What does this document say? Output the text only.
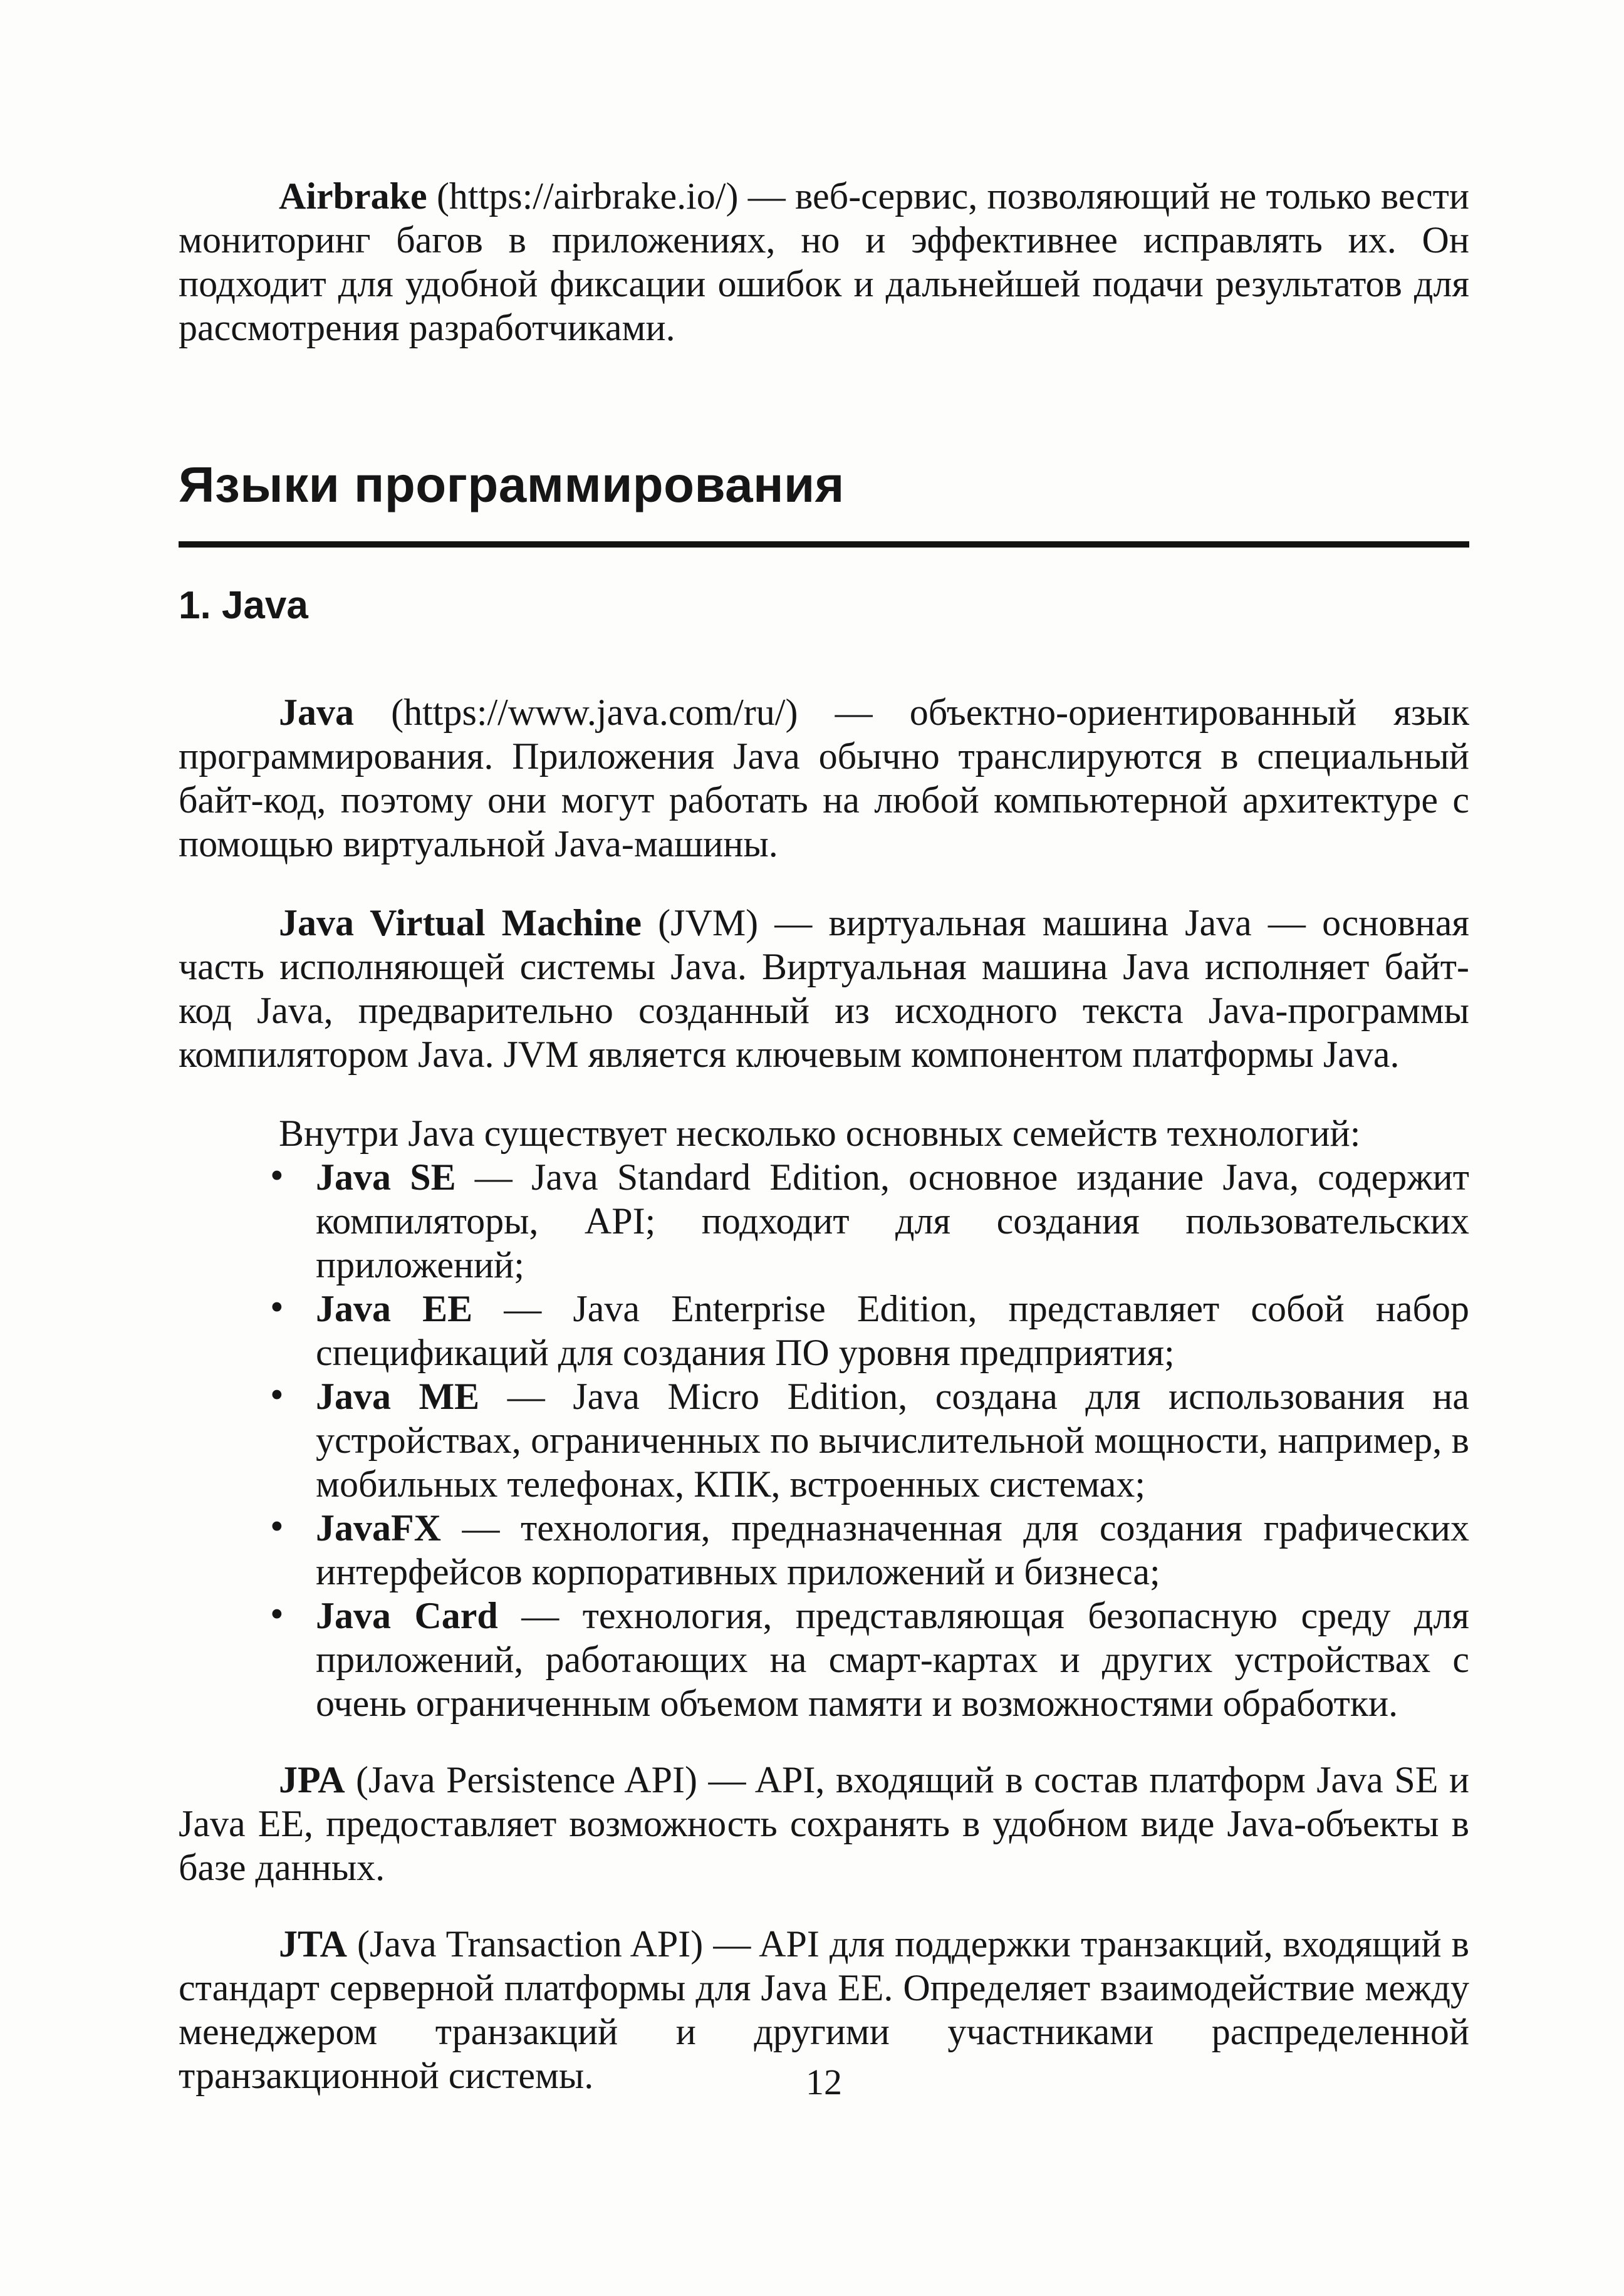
Airbrake (https://airbrake.io/) — веб-сервис, позволяющий не только вести мониторинг багов в приложениях, но и эффективнее исправлять их. Он подходит для удобной фиксации ошибок и дальнейшей подачи результатов для рассмотрения разработчиками.

Языки программирования
1. Java

Java (https://www.java.com/ru/) — объектно-ориентированный язык программирования. Приложения Java обычно транслируются в специальный байт-код, поэтому они могут работать на любой компьютерной архитектуре с помощью виртуальной Java-машины.

Java Virtual Machine (JVM) — виртуальная машина Java — основная часть исполняющей системы Java. Виртуальная машина Java исполняет байт-код Java, предварительно созданный из исходного текста Java-программы компилятором Java. JVM является ключевым компонентом платформы Java.

Внутри Java существует несколько основных семейств технологий:

• Java SE — Java Standard Edition, основное издание Java, содержит компиляторы, API; подходит для создания пользовательских приложений;
• Java EE — Java Enterprise Edition, представляет собой набор спецификаций для создания ПО уровня предприятия;
• Java ME — Java Micro Edition, создана для использования на устройствах, ограниченных по вычислительной мощности, например, в мобильных телефонах, КПК, встроенных системах;
• JavaFX — технология, предназначенная для создания графических интерфейсов корпоративных приложений и бизнеса;
• Java Card — технология, представляющая безопасную среду для приложений, работающих на смарт-картах и других устройствах с очень ограниченным объемом памяти и возможностями обработки.

JPA (Java Persistence API) — API, входящий в состав платформ Java SE и Java EE, предоставляет возможность сохранять в удобном виде Java-объекты в базе данных.

JTA (Java Transaction API) — API для поддержки транзакций, входящий в стандарт серверной платформы для Java EE. Определяет взаимодействие между менеджером транзакций и другими участниками распределенной транзакционной системы.	12
